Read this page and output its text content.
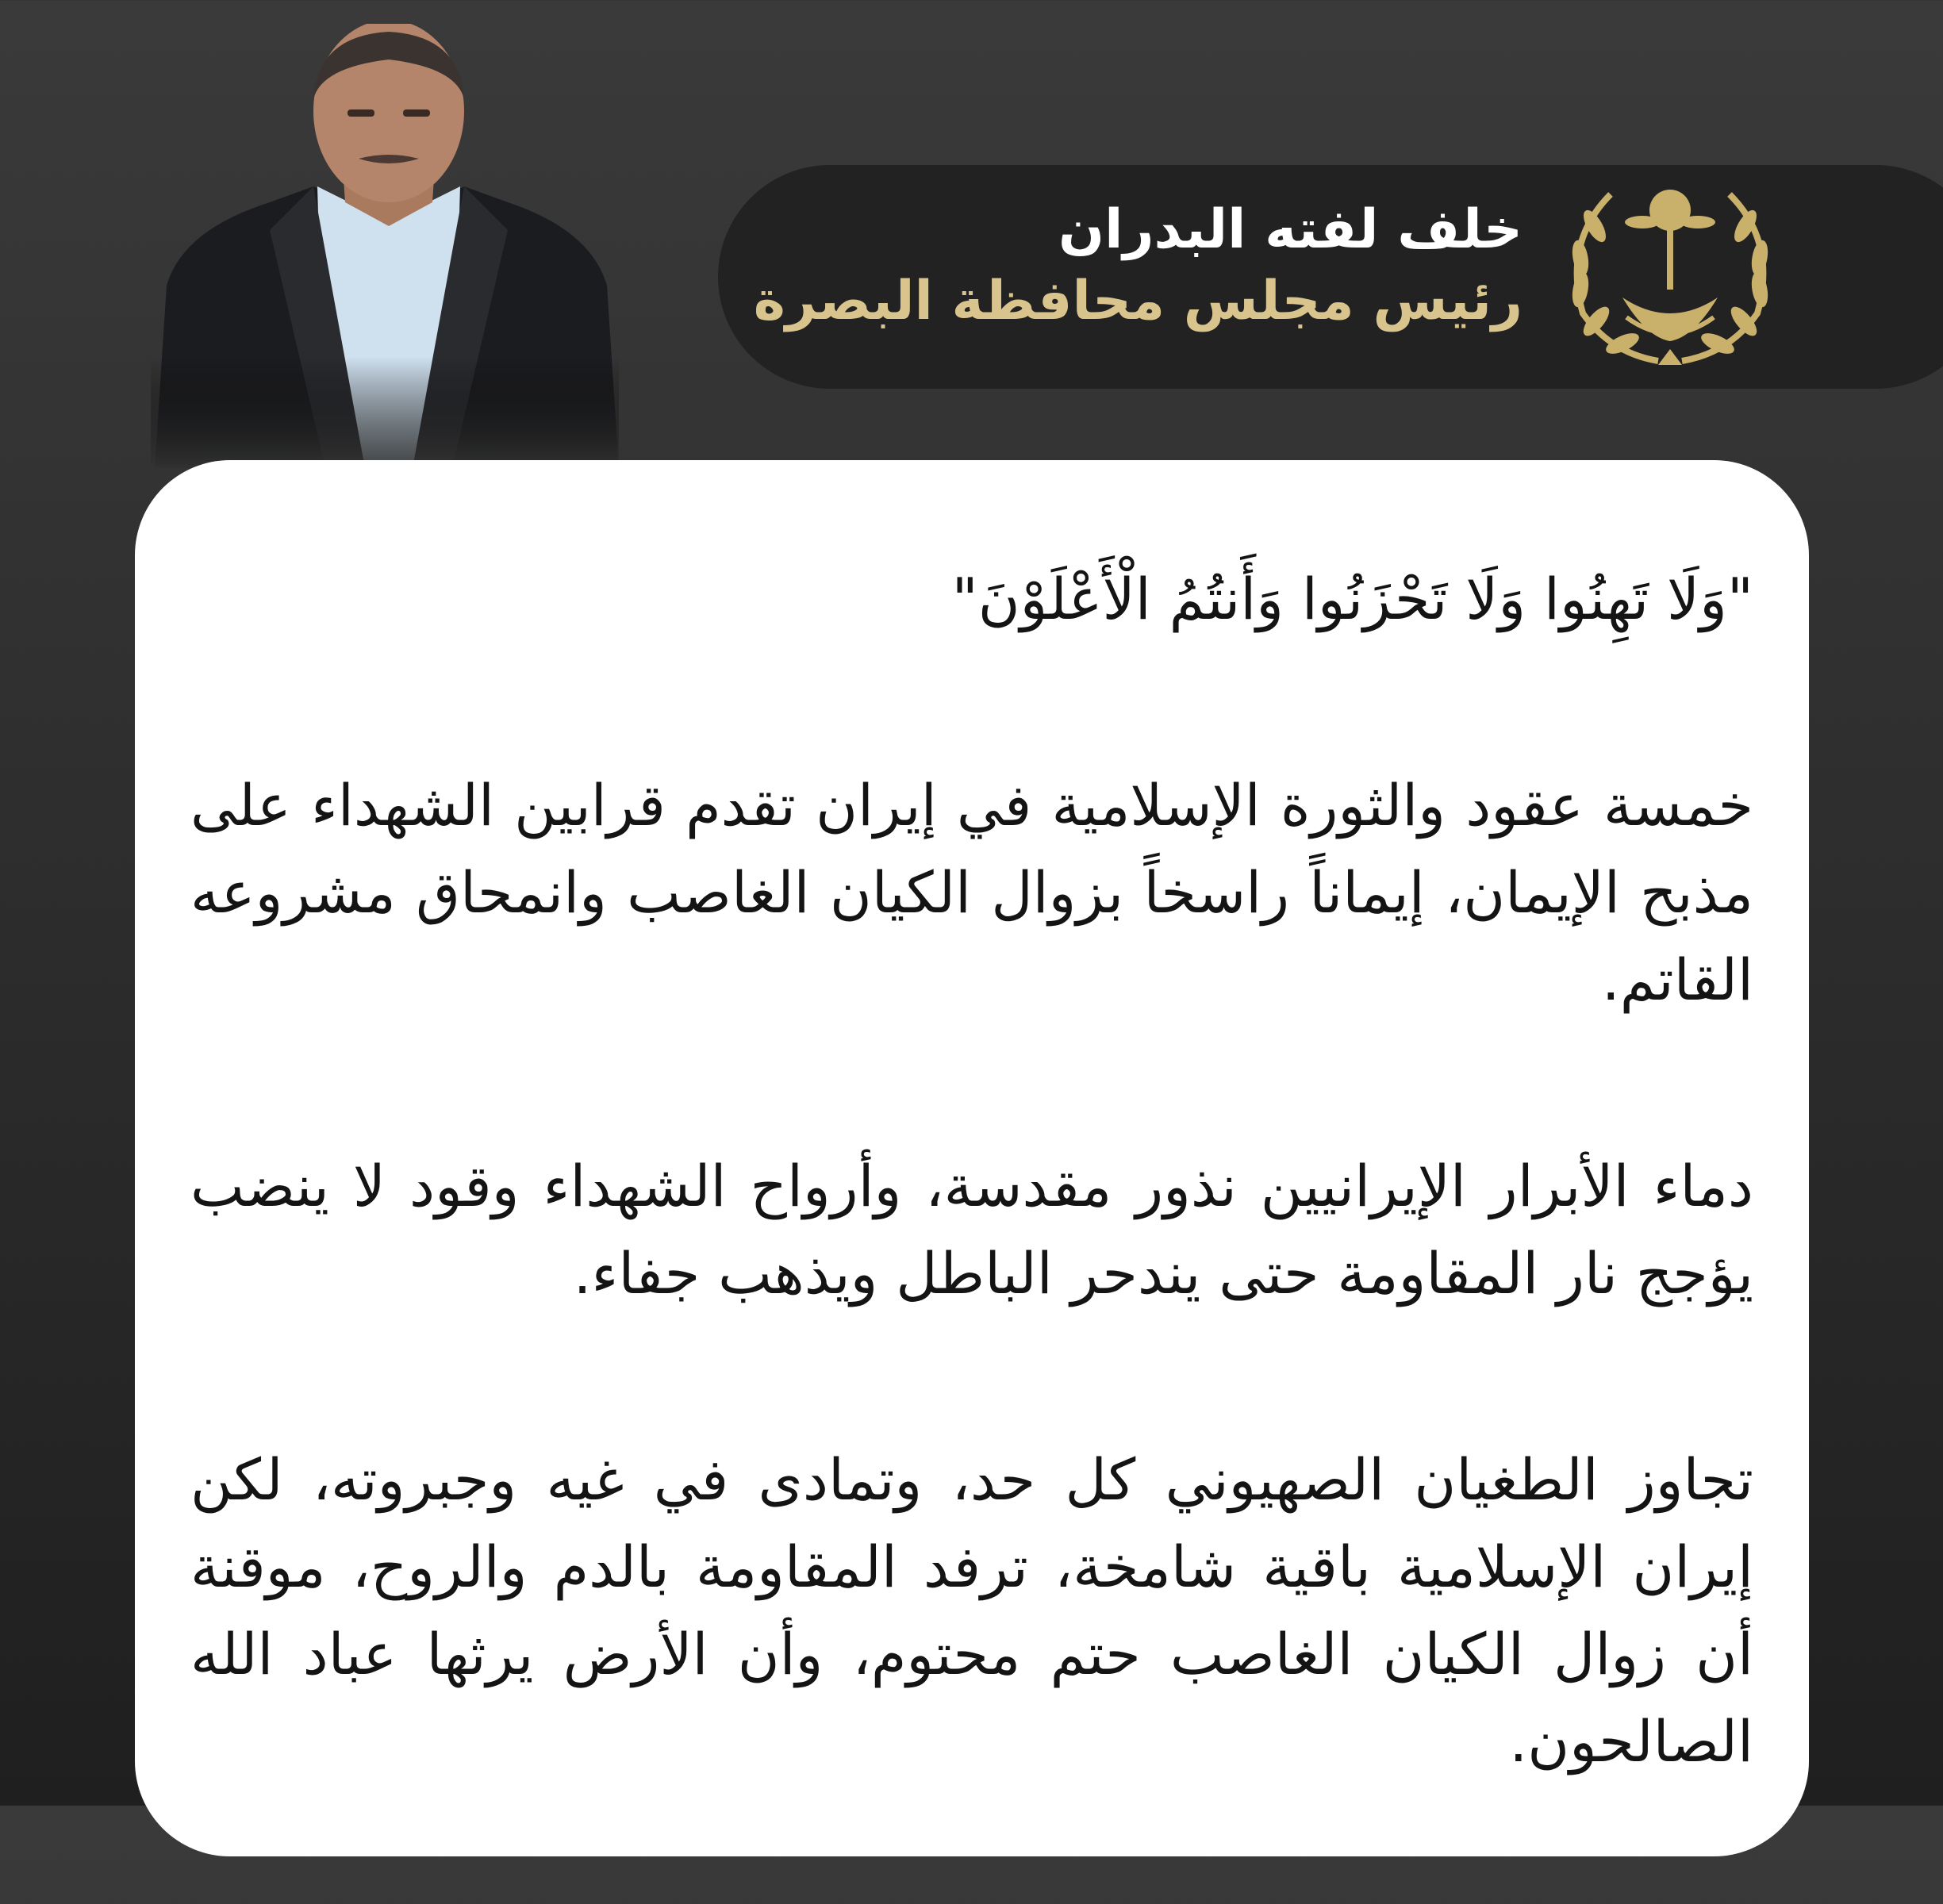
خلف لفته البدران
رئيس مجلس محافظة البصرة

"وَلَا تَهِنُوا وَلَا تَحْزَنُوا وَأَنتُمُ الْأَعْلَوْنَ"

خمسة عقود والثورة الإسلامية في إيران تقدم قرابين الشهداء على مذبح الإيمان، إيماناً راسخاً بزوال الكيان الغاصب وانمحاق مشروعه القاتم.

دماء الأبرار الإيرانيين نذور مقدسة، وأرواح الشهداء وقود لا ينضب يؤجج نار المقاومة حتى يندحر الباطل ويذهب جفاء.

تجاوز الطغيان الصهيوني كل حد، وتمادى في غيه وجبروته، لكن إيران الإسلامية باقية شامخة، ترفد المقاومة بالدم والروح، موقنة أن زوال الكيان الغاصب حتم محتوم، وأن الأرض يرثها عباد الله الصالحون.
